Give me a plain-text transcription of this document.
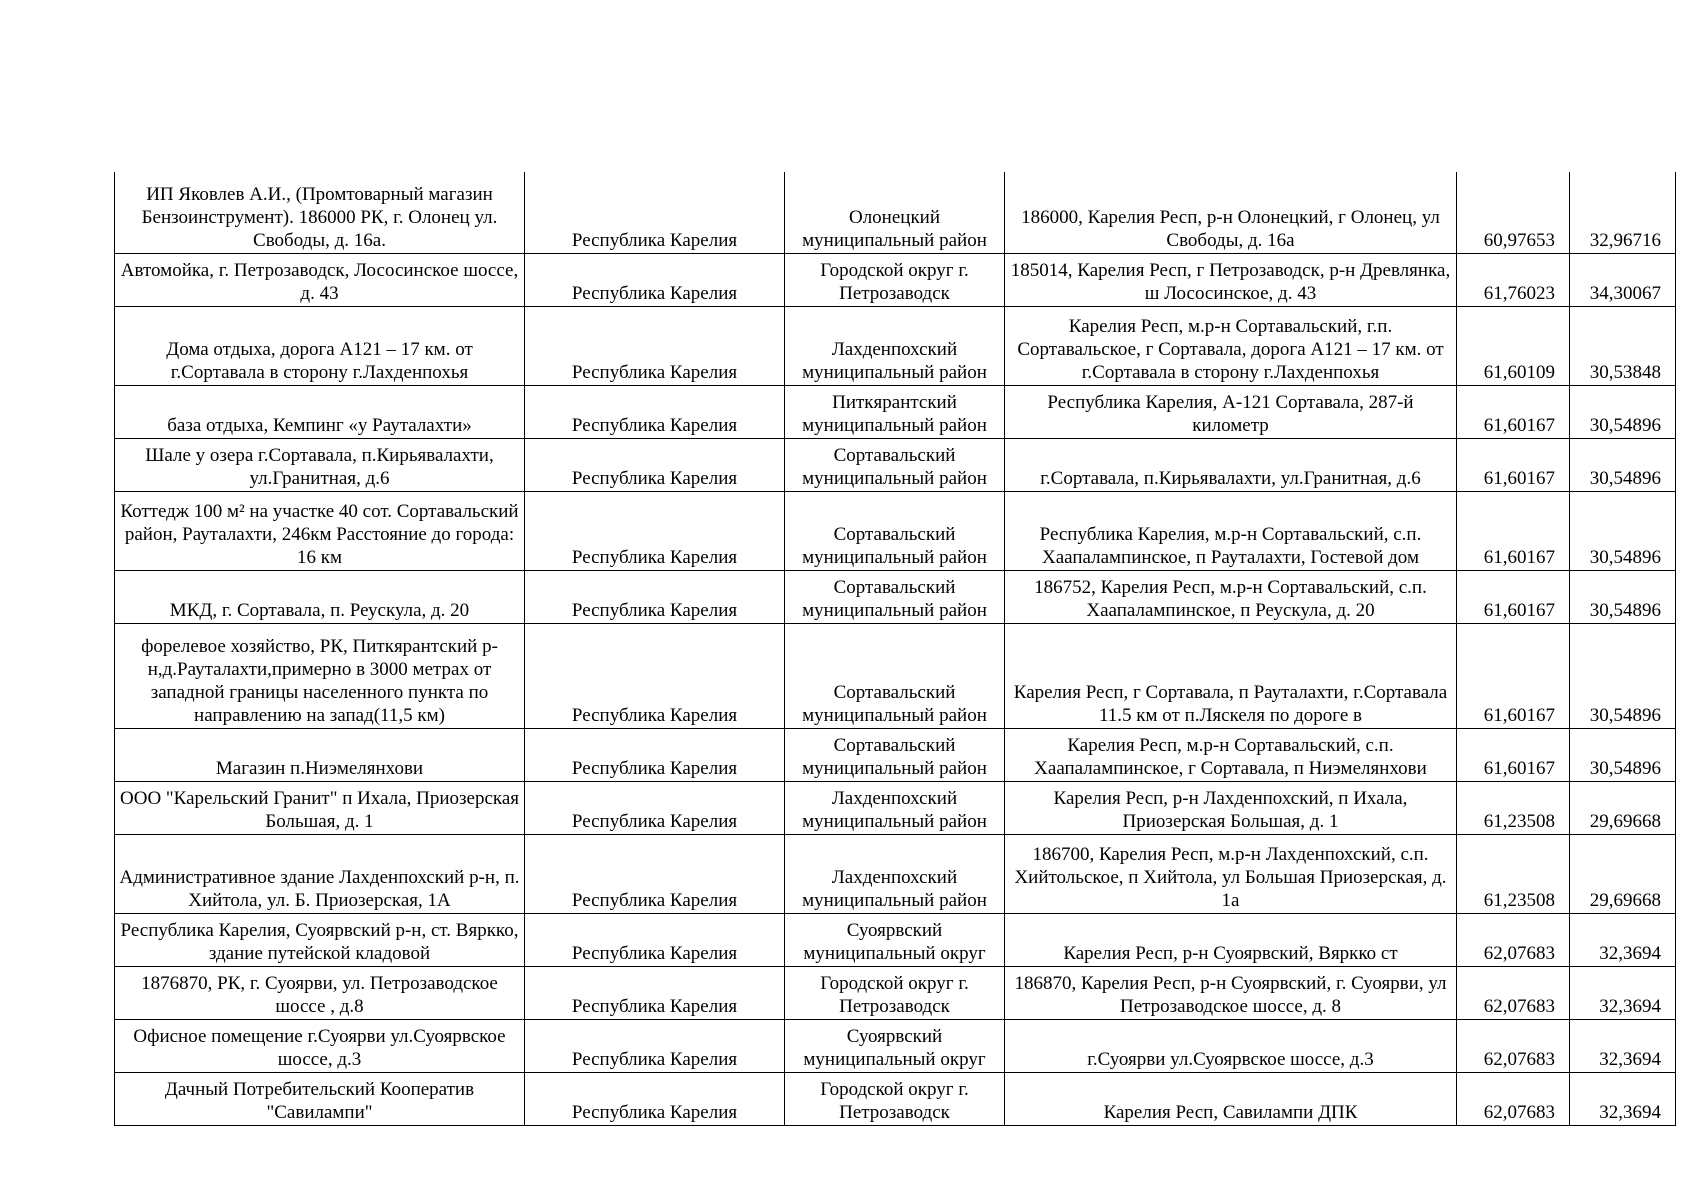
ИП Яковлев А.И., (Промтоварный магазин Бензоинструмент). 186000 РК, г. Олонец ул. Свободы, д. 16а.	Республика Карелия	Олонецкий муниципальный район	186000, Карелия Респ, р-н Олонецкий, г Олонец, ул Свободы, д. 16а	60,97653	32,96716
Автомойка, г. Петрозаводск, Лососинское шоссе, д. 43	Республика Карелия	Городской округ г. Петрозаводск	185014, Карелия Респ, г Петрозаводск, р-н Древлянка, ш Лососинское, д. 43	61,76023	34,30067
Дома отдыха, дорога А121 – 17 км. от г.Сортавала в сторону г.Лахденпохья	Республика Карелия	Лахденпохский муниципальный район	Карелия Респ, м.р-н Сортавальский, г.п. Сортавальское, г Сортавала, дорога А121 – 17 км. от г.Сортавала в сторону г.Лахденпохья	61,60109	30,53848
база отдыха, Кемпинг «у Рауталахти»	Республика Карелия	Питкярантский муниципальный район	Республика Карелия, А-121 Сортавала, 287-й километр	61,60167	30,54896
Шале у озера г.Сортавала, п.Кирьявалахти, ул.Гранитная, д.6	Республика Карелия	Сортавальский муниципальный район	г.Сортавала, п.Кирьявалахти, ул.Гранитная, д.6	61,60167	30,54896
Коттедж 100 м² на участке 40 сот. Сортавальский район, Рауталахти, 246км Расстояние до города: 16 км	Республика Карелия	Сортавальский муниципальный район	Республика Карелия, м.р-н Сортавальский, с.п. Хаапалампинское, п Рауталахти, Гостевой дом	61,60167	30,54896
МКД, г. Сортавала, п. Реускула, д. 20	Республика Карелия	Сортавальский муниципальный район	186752, Карелия Респ, м.р-н Сортавальский, с.п. Хаапалампинское, п Реускула, д. 20	61,60167	30,54896
форелевое хозяйство, РК, Питкярантский р-н,д.Рауталахти,примерно в 3000 метрах от западной границы населенного пункта по направлению на запад(11,5 км)	Республика Карелия	Сортавальский муниципальный район	Карелия Респ, г Сортавала, п Рауталахти, г.Сортавала 11.5 км от п.Ляскеля по дороге в	61,60167	30,54896
Магазин п.Ниэмелянхови	Республика Карелия	Сортавальский муниципальный район	Карелия Респ, м.р-н Сортавальский, с.п. Хаапалампинское, г Сортавала, п Ниэмелянхови	61,60167	30,54896
ООО "Карельский Гранит" п Ихала, Приозерская Большая, д. 1	Республика Карелия	Лахденпохский муниципальный район	Карелия Респ, р-н Лахденпохский, п Ихала, Приозерская Большая, д. 1	61,23508	29,69668
Административное здание Лахденпохский р-н, п. Хийтола, ул. Б. Приозерская, 1А	Республика Карелия	Лахденпохский муниципальный район	186700, Карелия Респ, м.р-н Лахденпохский, с.п. Хийтольское, п Хийтола, ул Большая Приозерская, д. 1а	61,23508	29,69668
Республика Карелия, Суоярвский р-н, ст. Вяркко, здание путейской кладовой	Республика Карелия	Суоярвский муниципальный округ	Карелия Респ, р-н Суоярвский, Вяркко ст	62,07683	32,3694
1876870, РК, г. Суоярви, ул. Петрозаводское шоссе , д.8	Республика Карелия	Городской округ г. Петрозаводск	186870, Карелия Респ, р-н Суоярвский, г. Суоярви, ул Петрозаводское шоссе, д. 8	62,07683	32,3694
Офисное помещение г.Суоярви ул.Суоярвское шоссе, д.3	Республика Карелия	Суоярвский муниципальный округ	г.Суоярви ул.Суоярвское шоссе, д.3	62,07683	32,3694
Дачный Потребительский Кооператив "Савилампи"	Республика Карелия	Городской округ г. Петрозаводск	Карелия Респ, Савилампи ДПК	62,07683	32,3694
